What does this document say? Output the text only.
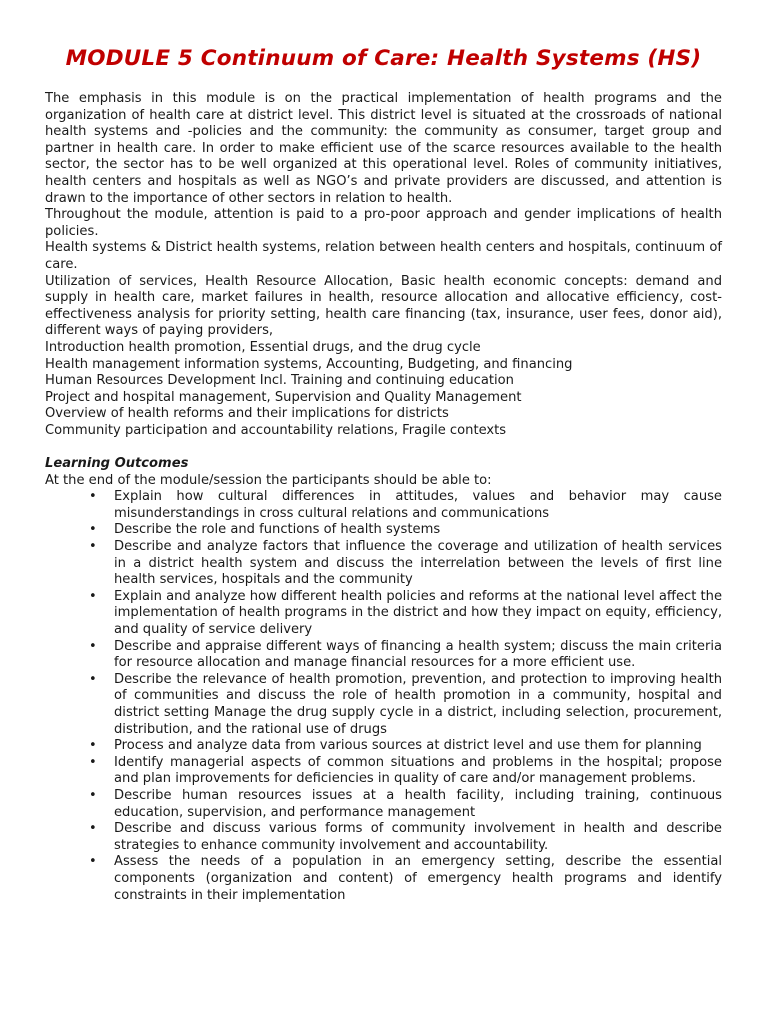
MODULE 5 Continuum of Care: Health Systems (HS)

The emphasis in this module is on the practical implementation of health programs and the organization of health care at district level. This district level is situated at the crossroads of national health systems and -policies and the community: the community as consumer, target group and partner in health care. In order to make efficient use of the scarce resources available to the health sector, the sector has to be well organized at this operational level. Roles of community initiatives, health centers and hospitals as well as NGO’s and private providers are discussed, and attention is drawn to the importance of other sectors in relation to health.

Throughout the module, attention is paid to a pro-poor approach and gender implications of health policies.

Health systems & District health systems, relation between health centers and hospitals, continuum of care.

Utilization of services, Health Resource Allocation, Basic health economic concepts: demand and supply in health care, market failures in health, resource allocation and allocative efficiency, cost-effectiveness analysis for priority setting, health care financing (tax, insurance, user fees, donor aid), different ways of paying providers,

Introduction health promotion, Essential drugs, and the drug cycle

Health management information systems, Accounting, Budgeting, and financing

Human Resources Development Incl. Training and continuing education

Project and hospital management, Supervision and Quality Management

Overview of health reforms and their implications for districts

Community participation and accountability relations, Fragile contexts

Learning Outcomes

At the end of the module/session the participants should be able to:

• Explain how cultural differences in attitudes, values and behavior may cause misunderstandings in cross cultural relations and communications
• Describe the role and functions of health systems
• Describe and analyze factors that influence the coverage and utilization of health services in a district health system and discuss the interrelation between the levels of first line health services, hospitals and the community
• Explain and analyze how different health policies and reforms at the national level affect the implementation of health programs in the district and how they impact on equity, efficiency, and quality of service delivery
• Describe and appraise different ways of financing a health system; discuss the main criteria for resource allocation and manage financial resources for a more efficient use.
• Describe the relevance of health promotion, prevention, and protection to improving health of communities and discuss the role of health promotion in a community, hospital and district setting Manage the drug supply cycle in a district, including selection, procurement, distribution, and the rational use of drugs
• Process and analyze data from various sources at district level and use them for planning
• Identify managerial aspects of common situations and problems in the hospital; propose and plan improvements for deficiencies in quality of care and/or management problems.
• Describe human resources issues at a health facility, including training, continuous education, supervision, and performance management
• Describe and discuss various forms of community involvement in health and describe strategies to enhance community involvement and accountability.
• Assess the needs of a population in an emergency setting, describe the essential components (organization and content) of emergency health programs and identify constraints in their implementation
